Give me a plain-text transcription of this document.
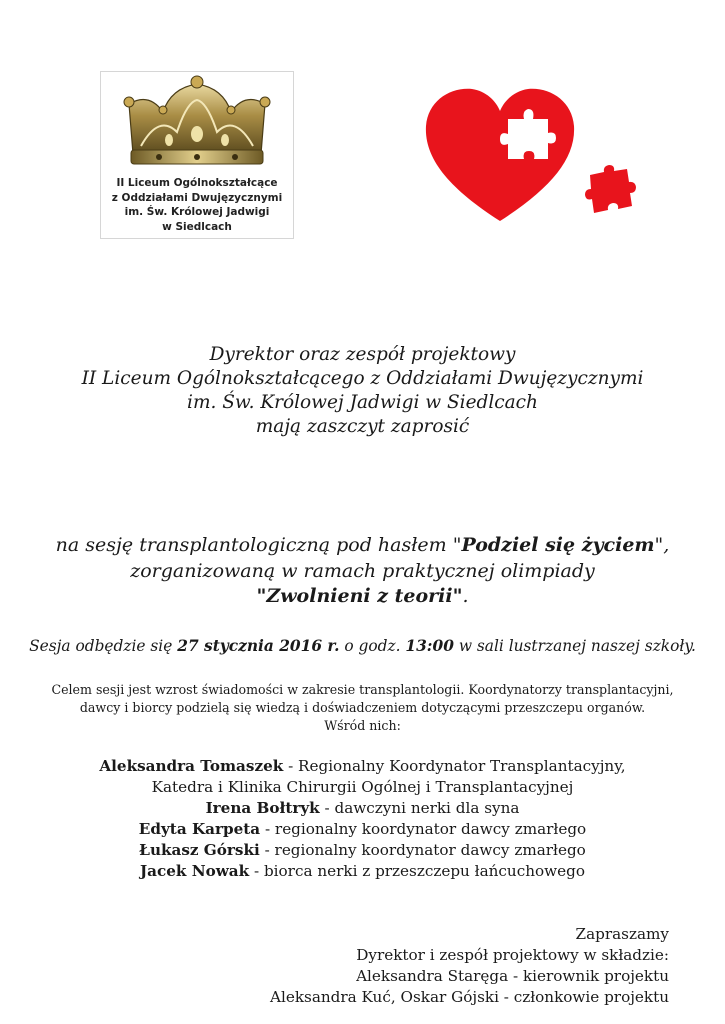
II Liceum Ogólnokształcące
z Oddziałami Dwujęzycznymi
im. Św. Królowej Jadwigi
w Siedlcach
Dyrektor oraz zespół projektowy
II Liceum Ogólnokształcącego z Oddziałami Dwujęzycznymi
im. Św. Królowej Jadwigi w Siedlcach
mają zaszczyt zaprosić
na sesję transplantologiczną pod hasłem "Podziel się życiem",
zorganizowaną w ramach praktycznej olimpiady
"Zwolnieni z teorii".
Sesja odbędzie się 27 stycznia 2016 r. o godz. 13:00 w sali lustrzanej naszej szkoły.
Celem sesji jest wzrost świadomości w zakresie transplantologii. Koordynatorzy transplantacyjni,
dawcy i biorcy podzielą się wiedzą i doświadczeniem dotyczącymi przeszczepu organów.
Wśród nich:
Aleksandra Tomaszek - Regionalny Koordynator Transplantacyjny,
Katedra i Klinika Chirurgii Ogólnej i Transplantacyjnej
Irena Bołtryk - dawczyni nerki dla syna
Edyta Karpeta - regionalny koordynator dawcy zmarłego
Łukasz Górski - regionalny koordynator dawcy zmarłego
Jacek Nowak - biorca nerki z przeszczepu łańcuchowego
Zapraszamy
Dyrektor i zespół projektowy w składzie:
Aleksandra Staręga - kierownik projektu
Aleksandra Kuć, Oskar Gójski - członkowie projektu
